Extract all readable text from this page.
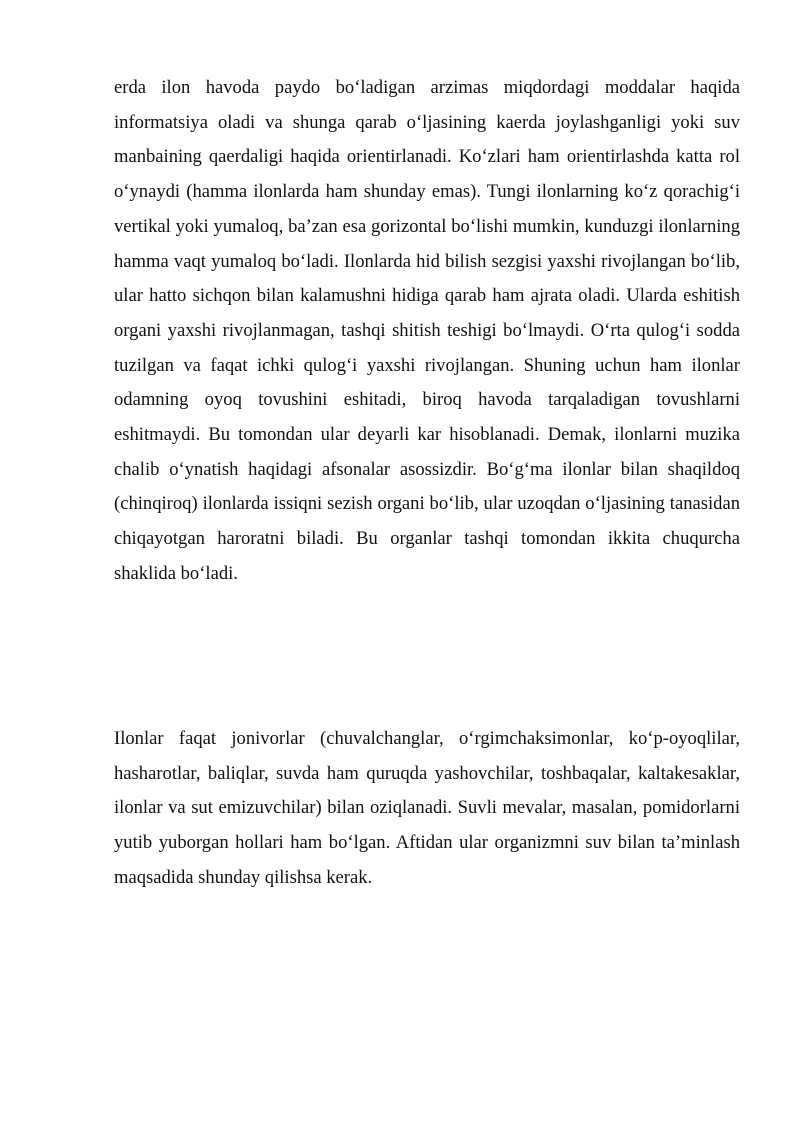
erda ilon havoda paydo bo‘ladigan arzimas miqdordagi moddalar haqida informatsiya oladi va shunga qarab o‘ljasining kaerda joylashganligi yoki suv manbaining qaerdaligi haqida orientirlanadi. Ko‘zlari ham orientirlashda katta rol o‘ynaydi (hamma ilonlarda ham shunday emas). Tungi ilonlarning ko‘z qorachig‘i vertikal yoki yumaloq, ba’zan esa gorizontal bo‘lishi mumkin, kunduzgi ilonlarning hamma vaqt yumaloq bo‘ladi. Ilonlarda hid bilish sezgisi yaxshi rivojlangan bo‘lib, ular hatto sichqon bilan kalamushni hidiga qarab ham ajrata oladi. Ularda eshitish organi yaxshi rivojlanmagan, tashqi shitish teshigi bo‘lmaydi. O‘rta qulog‘i sodda tuzilgan va faqat ichki qulog‘i yaxshi rivojlangan. Shuning uchun ham ilonlar odamning oyoq tovushini eshitadi, biroq havoda tarqaladigan tovushlarni eshitmaydi. Bu tomondan ular deyarli kar hisoblanadi. Demak, ilonlarni muzika chalib o‘ynatish haqidagi afsonalar asossizdir. Bo‘g‘ma ilonlar bilan shaqildoq (chinqiroq) ilonlarda issiqni sezish organi bo‘lib, ular uzoqdan o‘ljasining tanasidan chiqayotgan haroratni biladi. Bu organlar tashqi tomondan ikkita chuqurcha shaklida bo‘ladi.

Ilonlar faqat jonivorlar (chuvalchanglar, o‘rgimchaksimonlar, ko‘p-oyoqlilar, hasharotlar, baliqlar, suvda ham quruqda yashovchilar, toshbaqalar, kaltakesaklar, ilonlar va sut emizuvchilar) bilan oziqlanadi. Suvli mevalar, masalan, pomidorlarni yutib yuborgan hollari ham bo‘lgan. Aftidan ular organizmni suv bilan ta’minlash maqsadida shunday qilishsa kerak.
